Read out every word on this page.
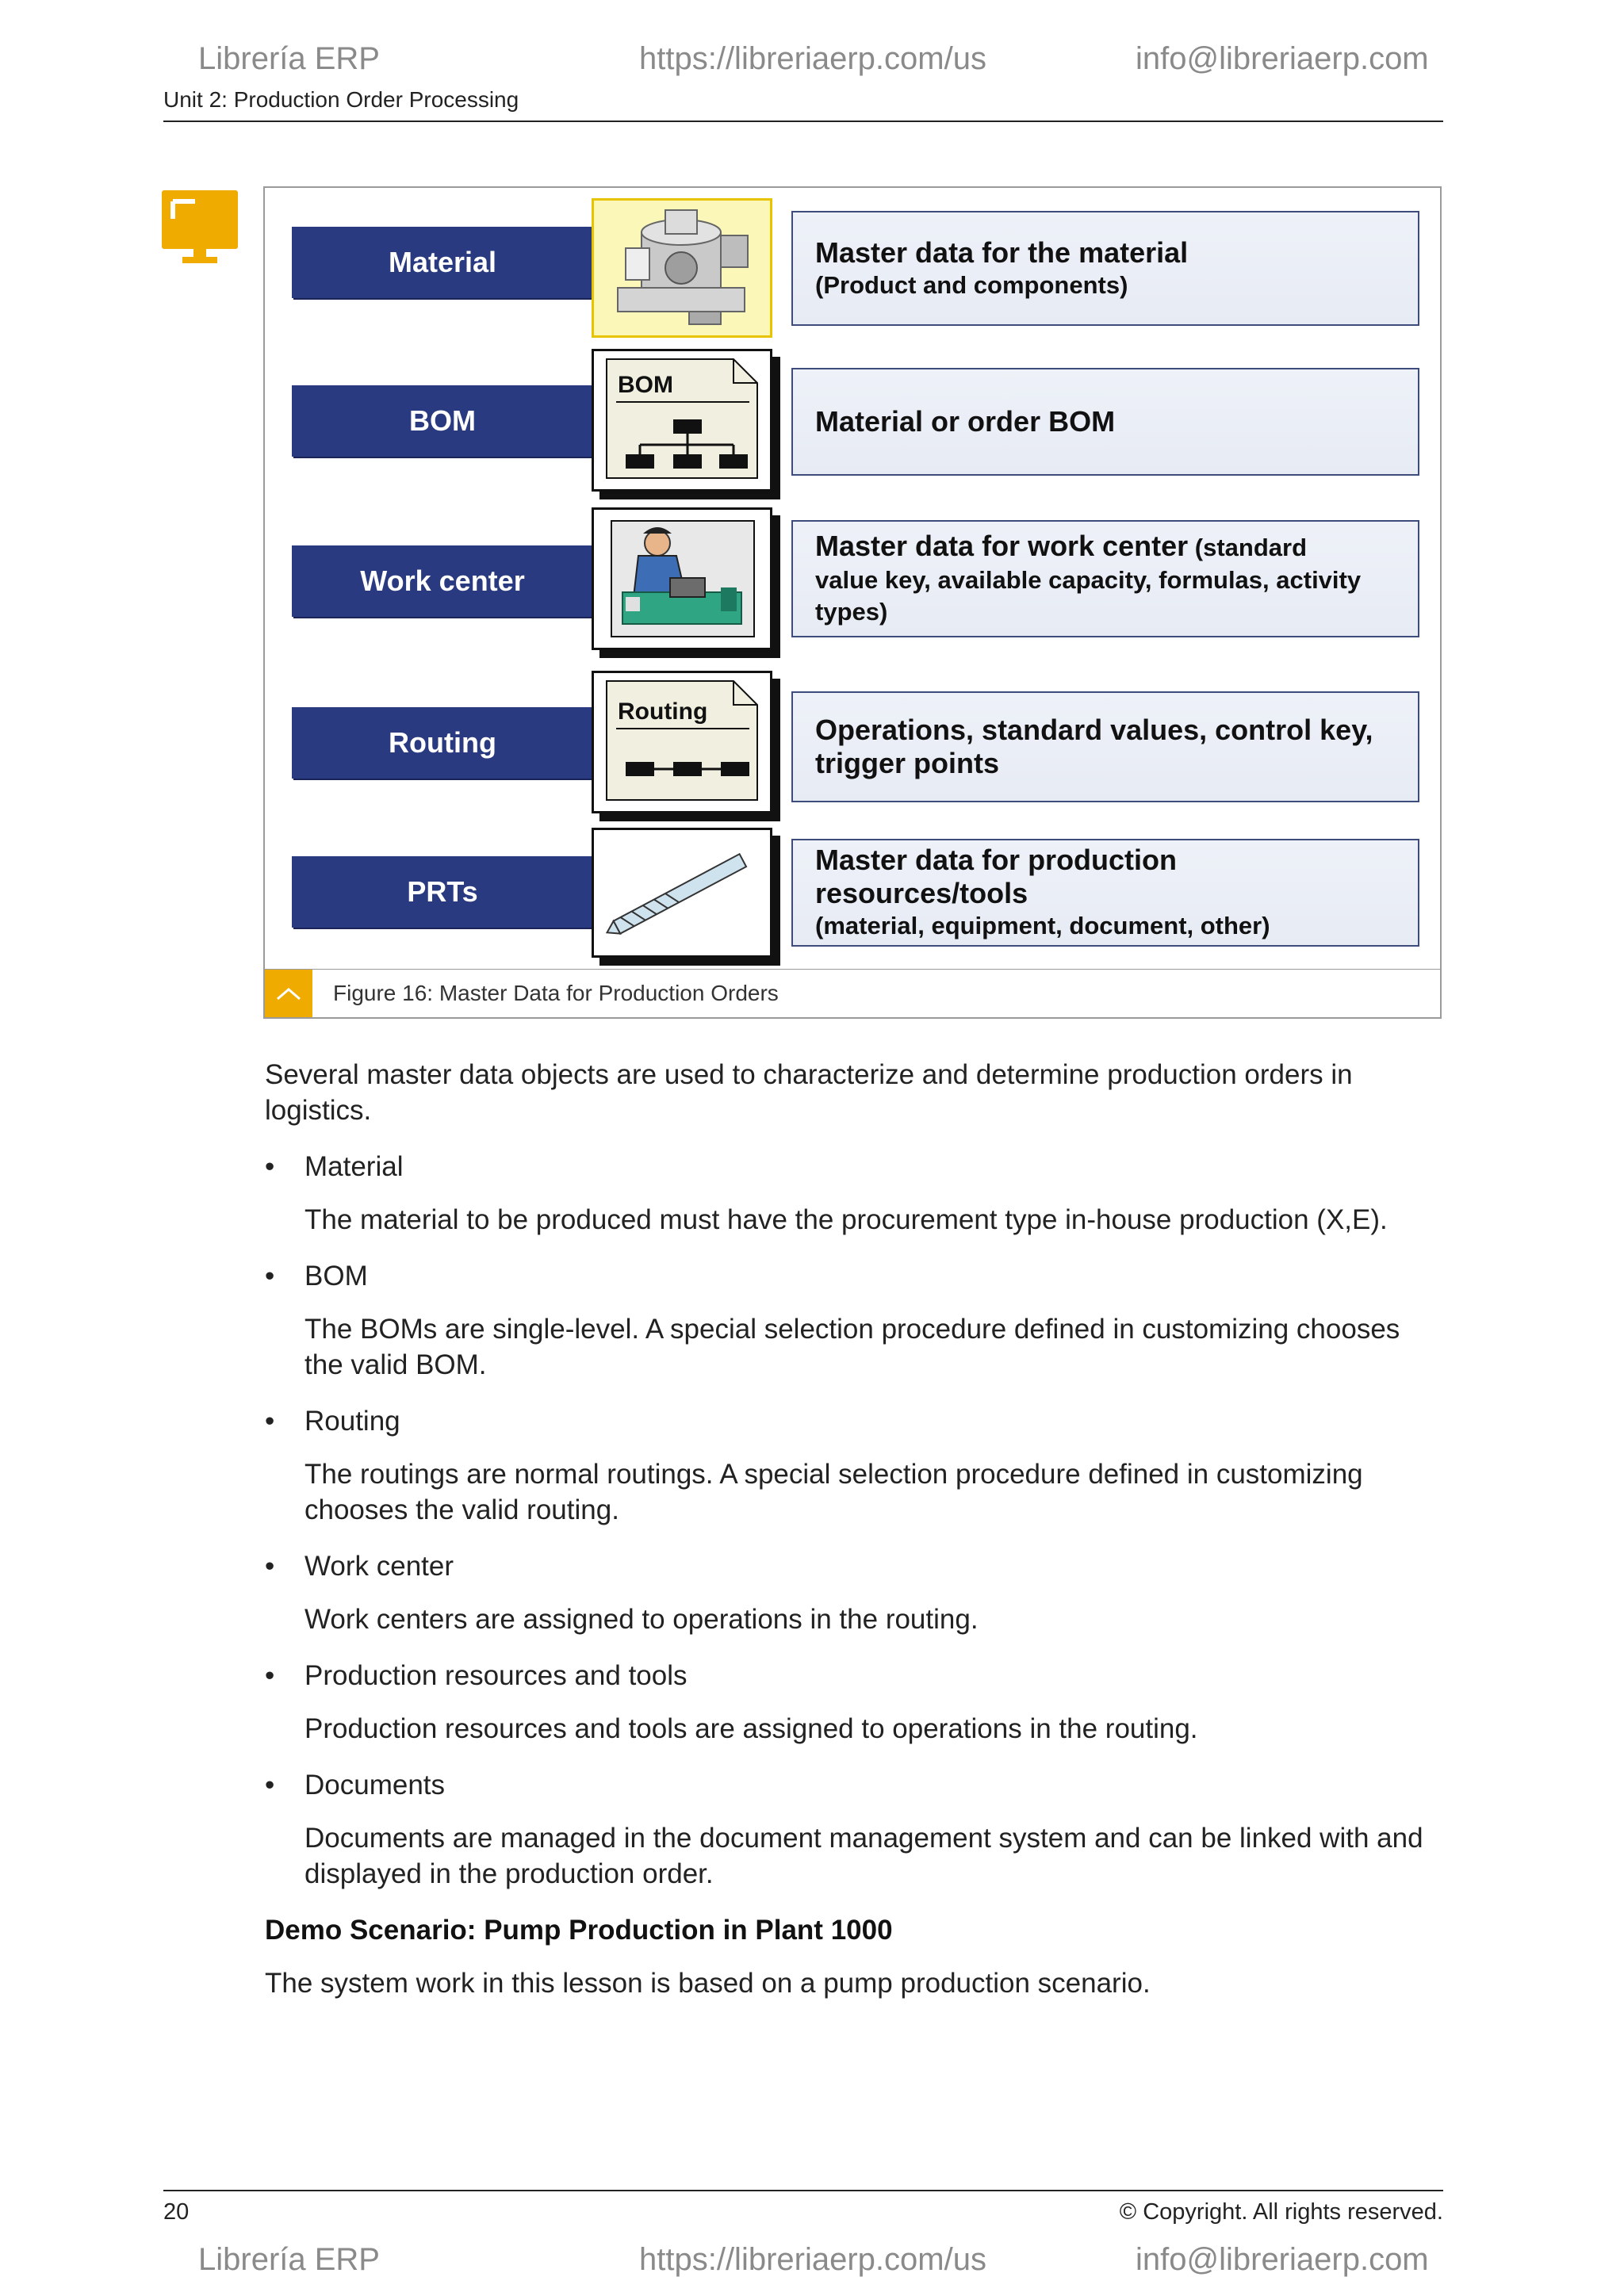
Librería ERP	https://libreriaerp.com/us	info@libreriaerp.com
Unit 2: Production Order Processing
Material	Master data for the material
(Product and components)
BOM
BOM
Material or order BOM
Work center
Master data for work center (standard
value key, available capacity, formulas, activity types)
Routing
Routing
Operations, standard values, control key, trigger points
PRTs
Master data for production resources/tools
(material, equipment, document, other)
Figure 16: Master Data for Production Orders
Several master data objects are used to characterize and determine production orders in logistics.
• Material
The material to be produced must have the procurement type in-house production (X,E).
• BOM
The BOMs are single-level. A special selection procedure defined in customizing chooses the valid BOM.
• Routing
The routings are normal routings. A special selection procedure defined in customizing chooses the valid routing.
• Work center
Work centers are assigned to operations in the routing.
• Production resources and tools
Production resources and tools are assigned to operations in the routing.
• Documents
Documents are managed in the document management system and can be linked with and displayed in the production order.
Demo Scenario: Pump Production in Plant 1000
The system work in this lesson is based on a pump production scenario.
20	© Copyright. All rights reserved.
Librería ERP	https://libreriaerp.com/us	info@libreriaerp.com
